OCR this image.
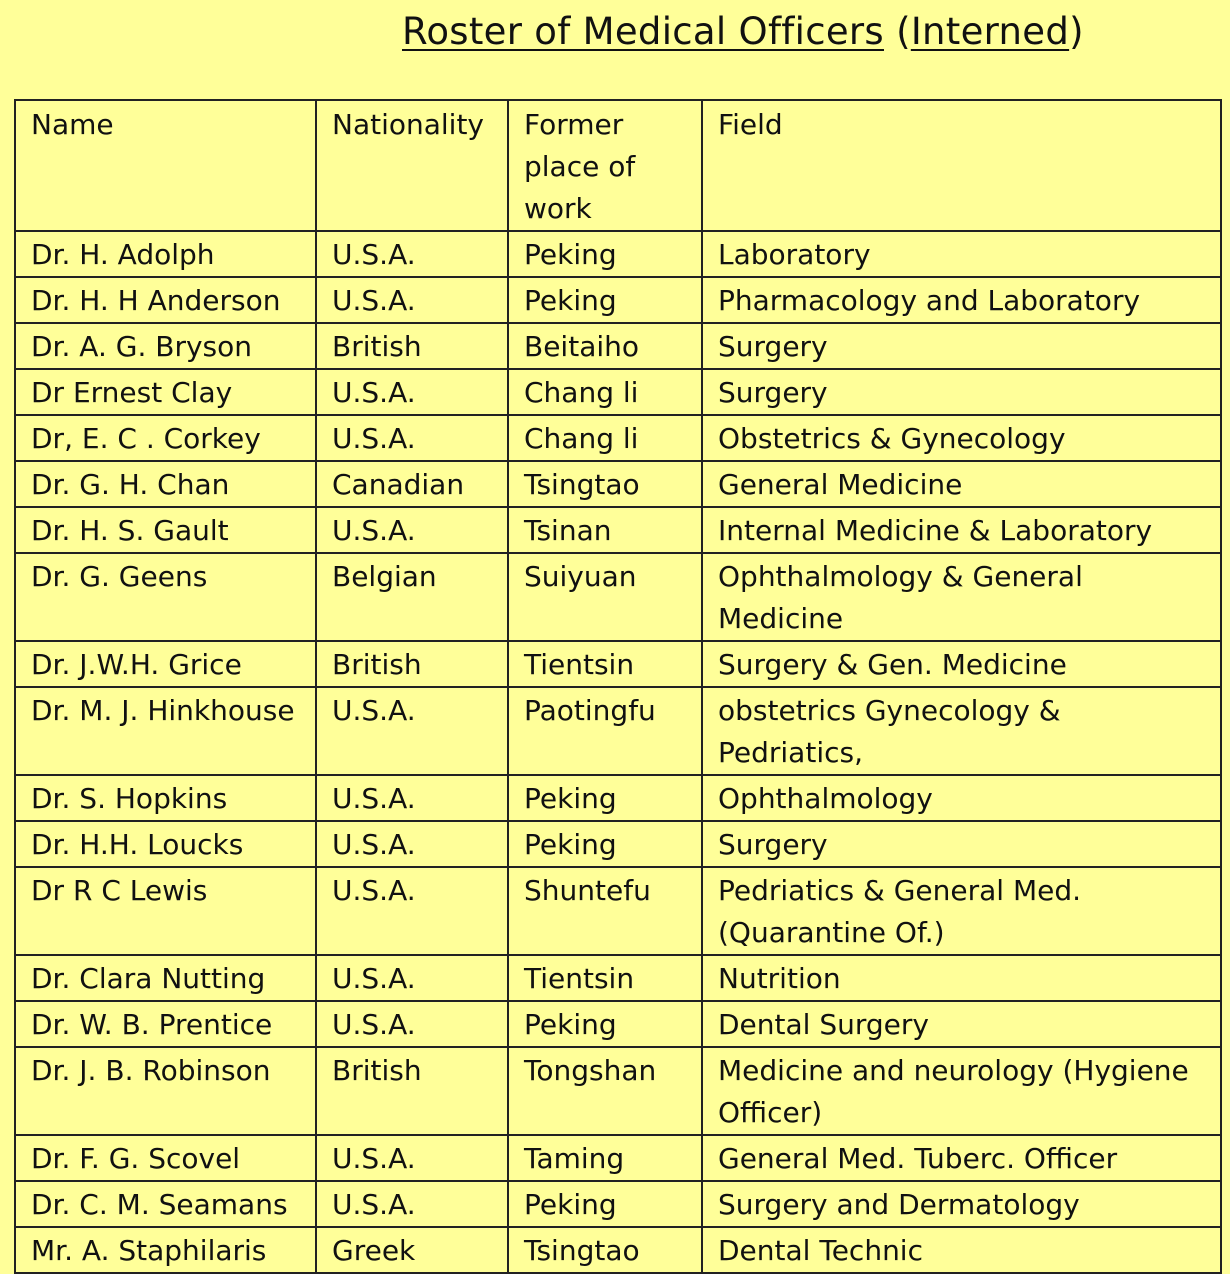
Roster of Medical Officers (Interned)
Name	Nationality	Former place of work	Field
Dr. H. Adolph	U.S.A.	Peking	Laboratory
Dr. H. H Anderson	U.S.A.	Peking	Pharmacology and Laboratory
Dr. A. G. Bryson	British	Beitaiho	Surgery
Dr Ernest Clay	U.S.A.	Chang li	Surgery
Dr, E. C . Corkey	U.S.A.	Chang li	Obstetrics & Gynecology
Dr. G. H. Chan	Canadian	Tsingtao	General Medicine
Dr. H. S. Gault	U.S.A.	Tsinan	Internal Medicine & Laboratory
Dr. G. Geens	Belgian	Suiyuan	Ophthalmology & General Medicine
Dr. J.W.H. Grice	British	Tientsin	Surgery & Gen. Medicine
Dr. M. J. Hinkhouse	U.S.A.	Paotingfu	obstetrics Gynecology & Pedriatics,
Dr. S. Hopkins	U.S.A.	Peking	Ophthalmology
Dr. H.H. Loucks	U.S.A.	Peking	Surgery
Dr R C Lewis	U.S.A.	Shuntefu	Pedriatics & General Med. (Quarantine Of.)
Dr. Clara Nutting	U.S.A.	Tientsin	Nutrition
Dr. W. B. Prentice	U.S.A.	Peking	Dental Surgery
Dr. J. B. Robinson	British	Tongshan	Medicine and neurology (Hygiene Officer)
Dr. F. G. Scovel	U.S.A.	Taming	General Med. Tuberc. Officer
Dr. C. M. Seamans	U.S.A.	Peking	Surgery and Dermatology
Mr. A. Staphilaris	Greek	Tsingtao	Dental Technic
